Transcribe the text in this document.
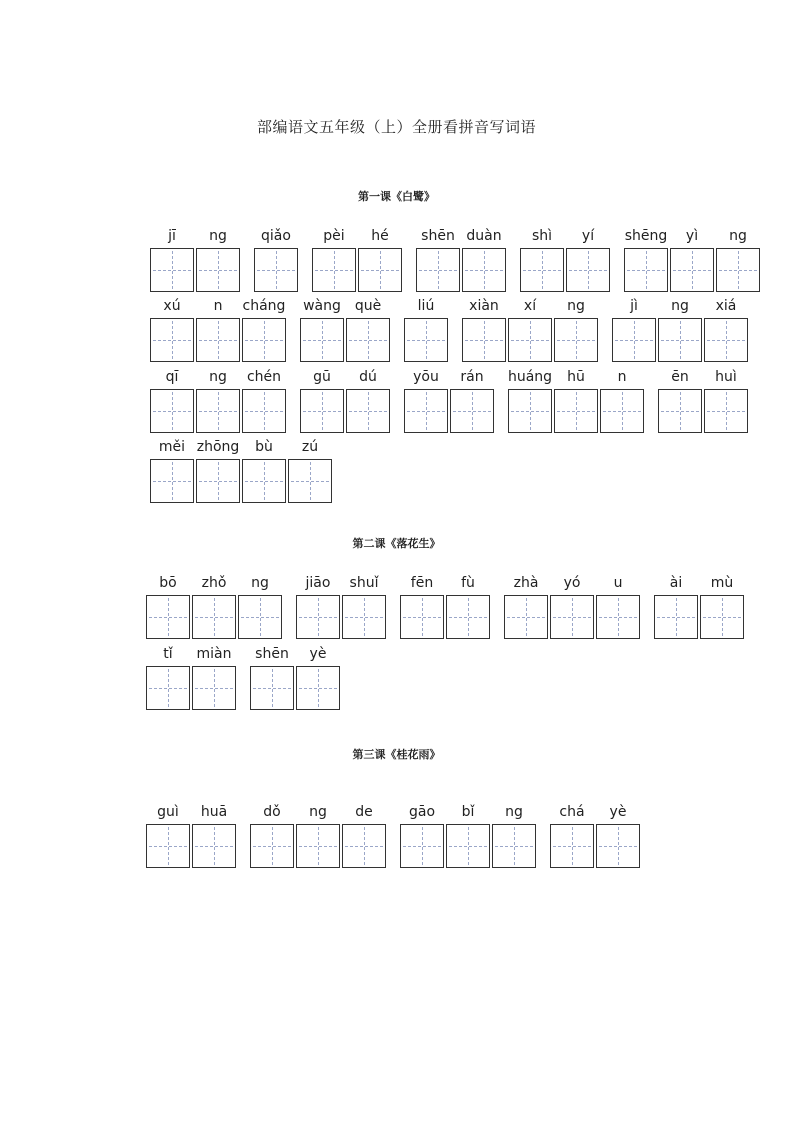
部编语文五年级（上）全册看拼音写词语
第一课《白鹭》
jī ng qiǎo pèi hé shēn duàn shì yí shēng yì ng
xú n cháng wàng què	liú xiàn xí ng	jì ng xiá
qī ng chén gū dú	yōu rán huáng hū n	ēn huì
měi zhōng bù zú
bō zhǒ ng	jiāo shuǐ fēn fù	zhà yó u	ài mù
tǐ miàn shēn yè
guì huā	dǒ ng de	gāo bǐ ng	chá yè
第二课《落花生》
第三课《桂花雨》
